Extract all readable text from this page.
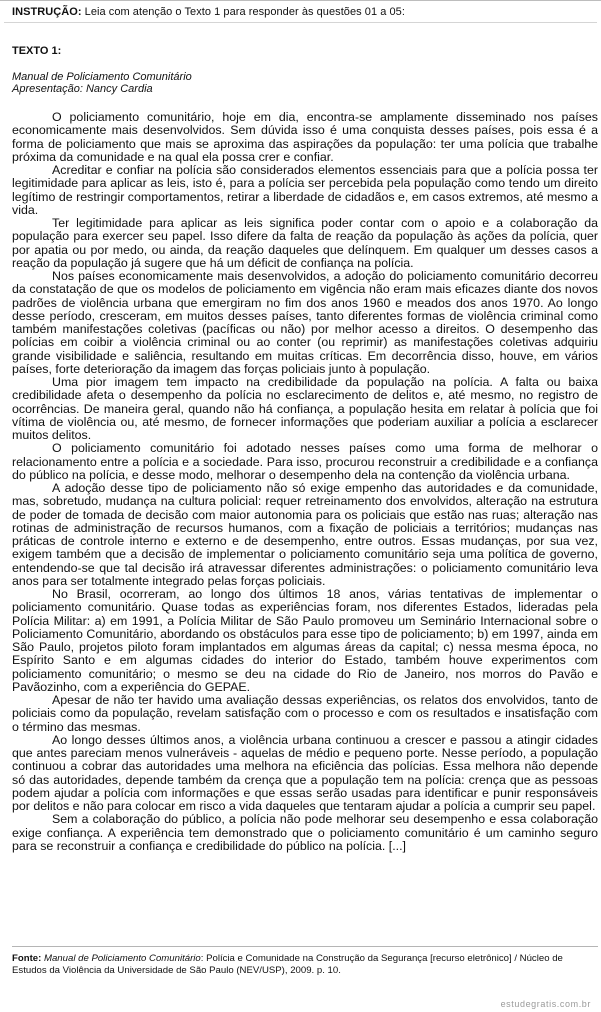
INSTRUÇÃO: Leia com atenção o Texto 1 para responder às questões 01 a 05:
TEXTO 1:
Manual de Policiamento Comunitário
Apresentação: Nancy Cardia

O policiamento comunitário, hoje em dia, encontra-se amplamente disseminado nos países economicamente mais desenvolvidos. Sem dúvida isso é uma conquista desses países, pois essa é a forma de policiamento que mais se aproxima das aspirações da população: ter uma polícia que trabalhe próxima da comunidade e na qual ela possa crer e confiar.

Acreditar e confiar na polícia são considerados elementos essenciais para que a polícia possa ter legitimidade para aplicar as leis, isto é, para a polícia ser percebida pela população como tendo um direito legítimo de restringir comportamentos, retirar a liberdade de cidadãos e, em casos extremos, até mesmo a vida.

Ter legitimidade para aplicar as leis significa poder contar com o apoio e a colaboração da população para exercer seu papel. Isso difere da falta de reação da população às ações da polícia, quer por apatia ou por medo, ou ainda, da reação daqueles que delínquem. Em qualquer um desses casos a reação da população já sugere que há um déficit de confiança na polícia.

Nos países economicamente mais desenvolvidos, a adoção do policiamento comunitário decorreu da constatação de que os modelos de policiamento em vigência não eram mais eficazes diante dos novos padrões de violência urbana que emergiram no fim dos anos 1960 e meados dos anos 1970. Ao longo desse período, cresceram, em muitos desses países, tanto diferentes formas de violência criminal como também manifestações coletivas (pacíficas ou não) por melhor acesso a direitos. O desempenho das polícias em coibir a violência criminal ou ao conter (ou reprimir) as manifestações coletivas adquiriu grande visibilidade e saliência, resultando em muitas críticas. Em decorrência disso, houve, em vários países, forte deterioração da imagem das forças policiais junto à população.

Uma pior imagem tem impacto na credibilidade da população na polícia. A falta ou baixa credibilidade afeta o desempenho da polícia no esclarecimento de delitos e, até mesmo, no registro de ocorrências. De maneira geral, quando não há confiança, a população hesita em relatar à polícia que foi vítima de violência ou, até mesmo, de fornecer informações que poderiam auxiliar a polícia a esclarecer muitos delitos.

O policiamento comunitário foi adotado nesses países como uma forma de melhorar o relacionamento entre a polícia e a sociedade. Para isso, procurou reconstruir a credibilidade e a confiança do público na polícia, e desse modo, melhorar o desempenho dela na contenção da violência urbana.

A adoção desse tipo de policiamento não só exige empenho das autoridades e da comunidade, mas, sobretudo, mudança na cultura policial: requer retreinamento dos envolvidos, alteração na estrutura de poder de tomada de decisão com maior autonomia para os policiais que estão nas ruas; alteração nas rotinas de administração de recursos humanos, com a fixação de policiais a territórios; mudanças nas práticas de controle interno e externo e de desempenho, entre outros. Essas mudanças, por sua vez, exigem também que a decisão de implementar o policiamento comunitário seja uma política de governo, entendendo-se que tal decisão irá atravessar diferentes administrações: o policiamento comunitário leva anos para ser totalmente integrado pelas forças policiais.

No Brasil, ocorreram, ao longo dos últimos 18 anos, várias tentativas de implementar o policiamento comunitário. Quase todas as experiências foram, nos diferentes Estados, lideradas pela Polícia Militar: a) em 1991, a Polícia Militar de São Paulo promoveu um Seminário Internacional sobre o Policiamento Comunitário, abordando os obstáculos para esse tipo de policiamento; b) em 1997, ainda em São Paulo, projetos piloto foram implantados em algumas áreas da capital; c) nessa mesma época, no Espírito Santo e em algumas cidades do interior do Estado, também houve experimentos com policiamento comunitário; o mesmo se deu na cidade do Rio de Janeiro, nos morros do Pavão e Pavãozinho, com a experiência do GEPAE.

Apesar de não ter havido uma avaliação dessas experiências, os relatos dos envolvidos, tanto de policiais como da população, revelam satisfação com o processo e com os resultados e insatisfação com o término das mesmas.

Ao longo desses últimos anos, a violência urbana continuou a crescer e passou a atingir cidades que antes pareciam menos vulneráveis - aquelas de médio e pequeno porte. Nesse período, a população continuou a cobrar das autoridades uma melhora na eficiência das polícias. Essa melhora não depende só das autoridades, depende também da crença que a população tem na polícia: crença que as pessoas podem ajudar a polícia com informações e que essas serão usadas para identificar e punir responsáveis por delitos e não para colocar em risco a vida daqueles que tentaram ajudar a polícia a cumprir seu papel.

Sem a colaboração do público, a polícia não pode melhorar seu desempenho e essa colaboração exige confiança. A experiência tem demonstrado que o policiamento comunitário é um caminho seguro para se reconstruir a confiança e credibilidade do público na polícia. [...]

Fonte: Manual de Policiamento Comunitário: Polícia e Comunidade na Construção da Segurança [recurso eletrônico] / Núcleo de Estudos da Violência da Universidade de São Paulo (NEV/USP), 2009. p. 10.
estudegratis.com.br
